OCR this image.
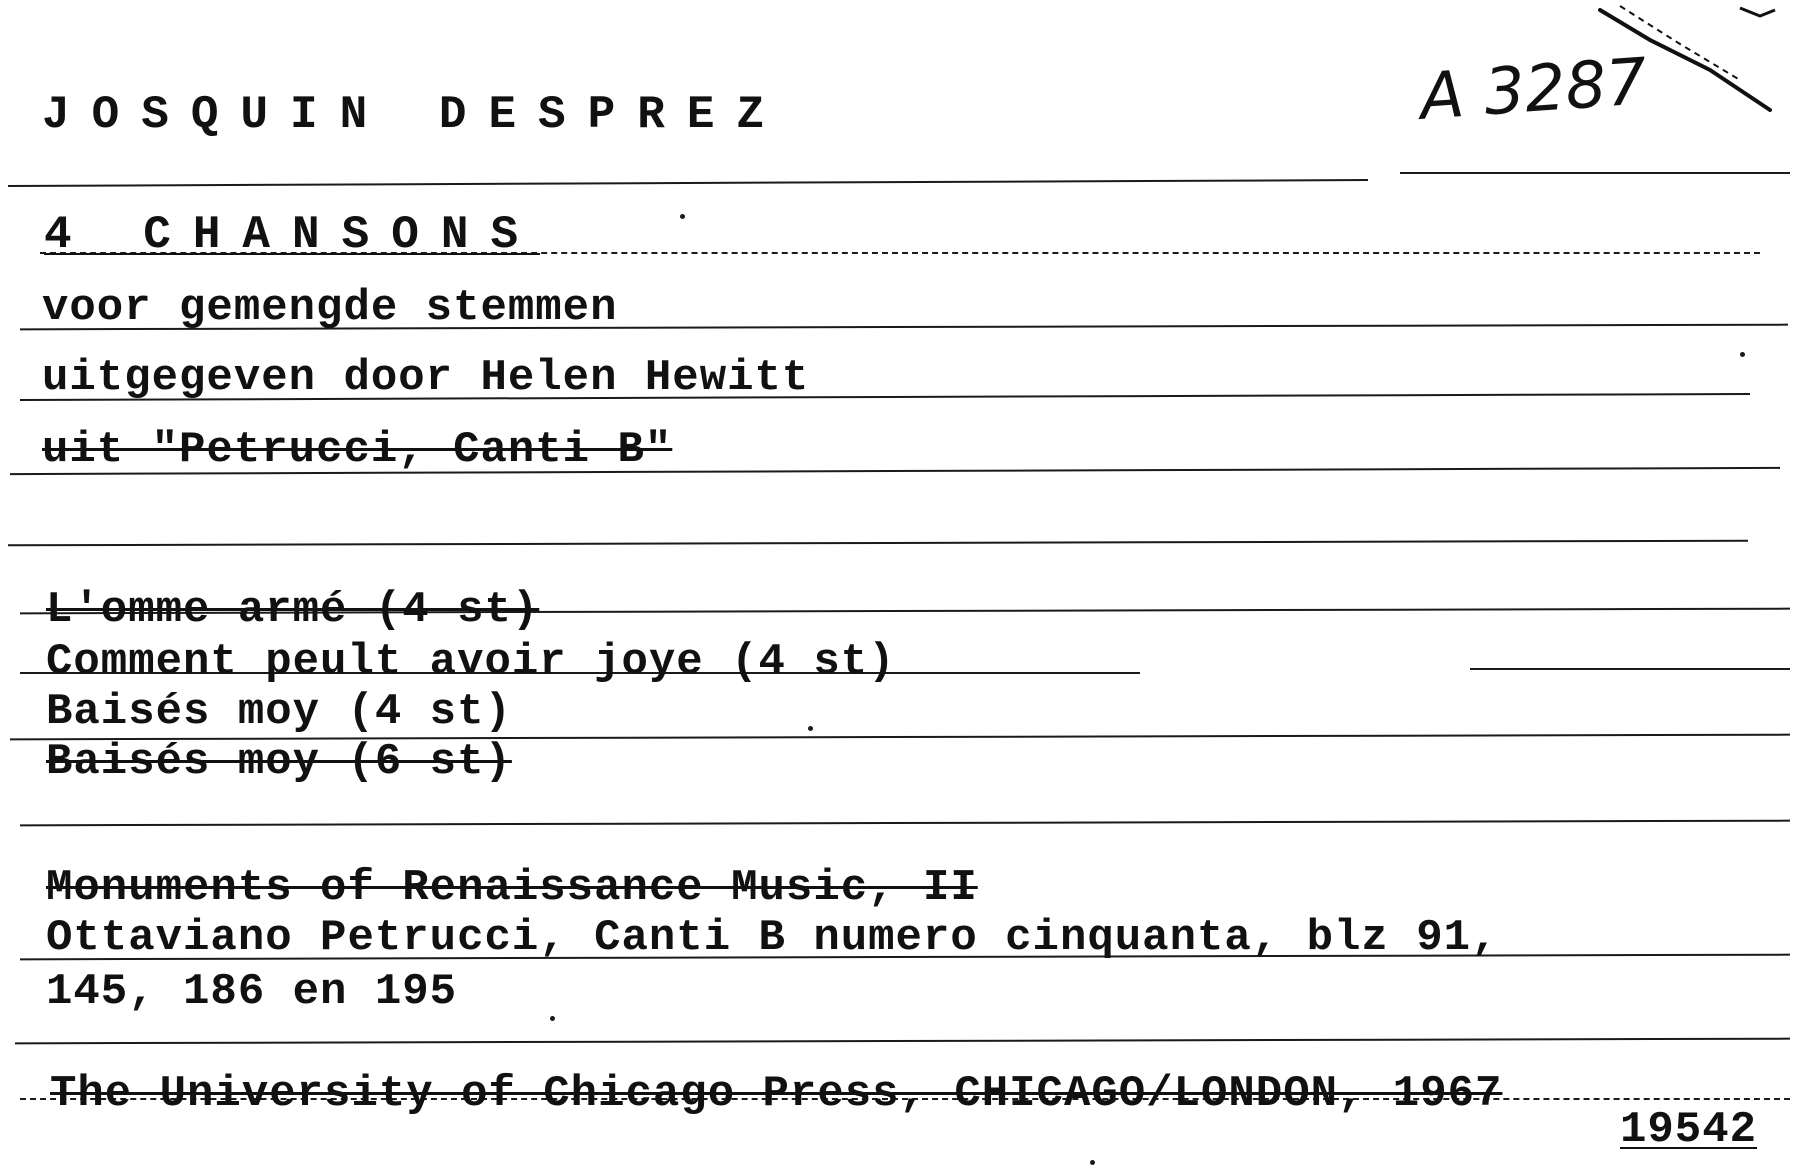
JOSQUIN DESPREZ	A 3287
4 CHANSONS
voor gemengde stemmen
uitgegeven door Helen Hewitt
uit "Petrucci, Canti B"
L'omme armé (4 st)
Comment peult avoir joye (4 st)
Baisés moy (4 st)
Baisés moy (6 st)
Monuments of Renaissance Music, II
Ottaviano Petrucci, Canti B numero cinquanta, blz 91,
145, 186 en 195
The University of Chicago Press, CHICAGO/LONDON, 1967
19542
